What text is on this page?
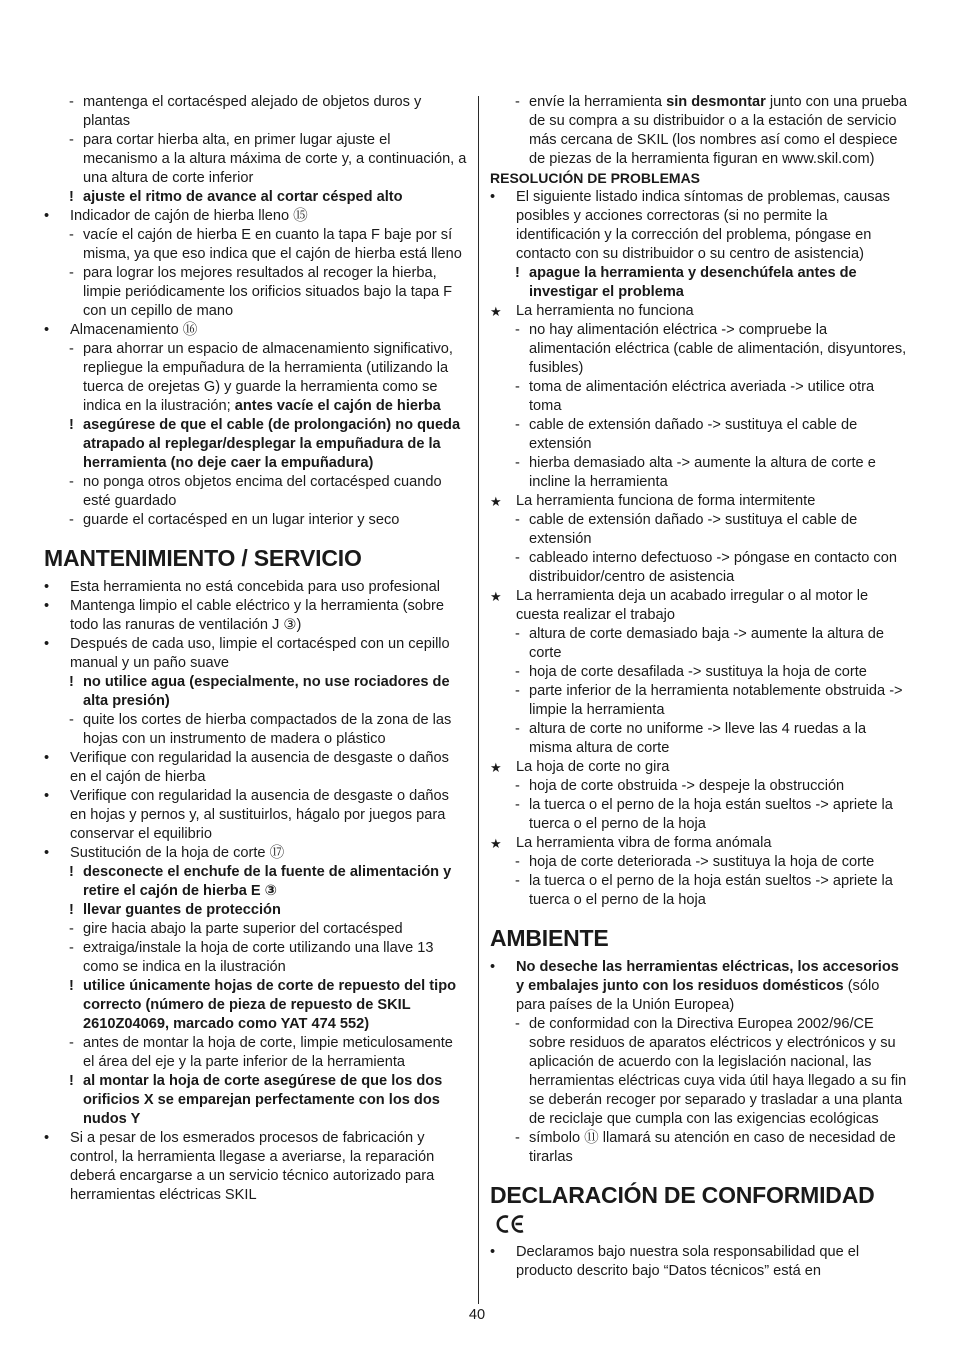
- mantenga el cortacésped alejado de objetos duros y plantas
- para cortar hierba alta, en primer lugar ajuste el mecanismo a la altura máxima de corte y, a continuación, a una altura de corte inferior
! ajuste el ritmo de avance al cortar césped alto
• Indicador de cajón de hierba lleno ⑮
- vacíe el cajón de hierba E en cuanto la tapa F baje por sí misma, ya que eso indica que el cajón de hierba está lleno
- para lograr los mejores resultados al recoger la hierba, limpie periódicamente los orificios situados bajo la tapa F con un cepillo de mano
• Almacenamiento ⑯
- para ahorrar un espacio de almacenamiento significativo, repliegue la empuñadura de la herramienta (utilizando la tuerca de orejetas G) y guarde la herramienta como se indica en la ilustración; antes vacíe el cajón de hierba
! asegúrese de que el cable (de prolongación) no queda atrapado al replegar/desplegar la empuñadura de la herramienta (no deje caer la empuñadura)
- no ponga otros objetos encima del cortacésped cuando esté guardado
- guarde el cortacésped en un lugar interior y seco
MANTENIMIENTO / SERVICIO
• Esta herramienta no está concebida para uso profesional
• Mantenga limpio el cable eléctrico y la herramienta (sobre todo las ranuras de ventilación J ③)
• Después de cada uso, limpie el cortacésped con un cepillo manual y un paño suave
! no utilice agua (especialmente, no use rociadores de alta presión)
- quite los cortes de hierba compactados de la zona de las hojas con un instrumento de madera o plástico
• Verifique con regularidad la ausencia de desgaste o daños en el cajón de hierba
• Verifique con regularidad la ausencia de desgaste o daños en hojas y pernos y, al sustituirlos, hágalo por juegos para conservar el equilibrio
• Sustitución de la hoja de corte ⑰
! desconecte el enchufe de la fuente de alimentación y retire el cajón de hierba E ③
! llevar guantes de protección
- gire hacia abajo la parte superior del cortacésped
- extraiga/instale la hoja de corte utilizando una llave 13 como se indica en la ilustración
! utilice únicamente hojas de corte de repuesto del tipo correcto (número de pieza de repuesto de SKIL 2610Z04069, marcado como YAT 474 552)
- antes de montar la hoja de corte, limpie meticulosamente el área del eje y la parte inferior de la herramienta
! al montar la hoja de corte asegúrese de que los dos orificios X se emparejan perfectamente con los dos nudos Y
• Si a pesar de los esmerados procesos de fabricación y control, la herramienta llegase a averiarse, la reparación deberá encargarse a un servicio técnico autorizado para herramientas eléctricas SKIL
- envíe la herramienta sin desmontar junto con una prueba de su compra a su distribuidor o a la estación de servicio más cercana de SKIL (los nombres así como el despiece de piezas de la herramienta figuran en www.skil.com)
RESOLUCIÓN DE PROBLEMAS
• El siguiente listado indica síntomas de problemas, causas posibles y acciones correctoras (si no permite la identificación y la corrección del problema, póngase en contacto con su distribuidor o su centro de asistencia)
! apague la herramienta y desenchúfela antes de investigar el problema
★ La herramienta no funciona
- no hay alimentación eléctrica -> compruebe la alimentación eléctrica (cable de alimentación, disyuntores, fusibles)
- toma de alimentación eléctrica averiada -> utilice otra toma
- cable de extensión dañado -> sustituya el cable de extensión
- hierba demasiado alta -> aumente la altura de corte e incline la herramienta
★ La herramienta funciona de forma intermitente
- cable de extensión dañado -> sustituya el cable de extensión
- cableado interno defectuoso -> póngase en contacto con distribuidor/centro de asistencia
★ La herramienta deja un acabado irregular o al motor le cuesta realizar el trabajo
- altura de corte demasiado baja -> aumente la altura de corte
- hoja de corte desafilada -> sustituya la hoja de corte
- parte inferior de la herramienta notablemente obstruida -> limpie la herramienta
- altura de corte no uniforme -> lleve las 4 ruedas a la misma altura de corte
★ La hoja de corte no gira
- hoja de corte obstruida -> despeje la obstrucción
- la tuerca o el perno de la hoja están sueltos -> apriete la tuerca o el perno de la hoja
★ La herramienta vibra de forma anómala
- hoja de corte deteriorada -> sustituya la hoja de corte
- la tuerca o el perno de la hoja están sueltos -> apriete la tuerca o el perno de la hoja
AMBIENTE
• No deseche las herramientas eléctricas, los accesorios y embalajes junto con los residuos domésticos (sólo para países de la Unión Europea)
- de conformidad con la Directiva Europea 2002/96/CE sobre residuos de aparatos eléctricos y electrónicos y su aplicación de acuerdo con la legislación nacional, las herramientas eléctricas cuya vida útil haya llegado a su fin se deberán recoger por separado y trasladar a una planta de reciclaje que cumpla con las exigencias ecológicas
- símbolo ⑪ llamará su atención en caso de necesidad de tirarlas
DECLARACIÓN DE CONFORMIDAD
• Declaramos bajo nuestra sola responsabilidad que el producto descrito bajo “Datos técnicos” está en
40
